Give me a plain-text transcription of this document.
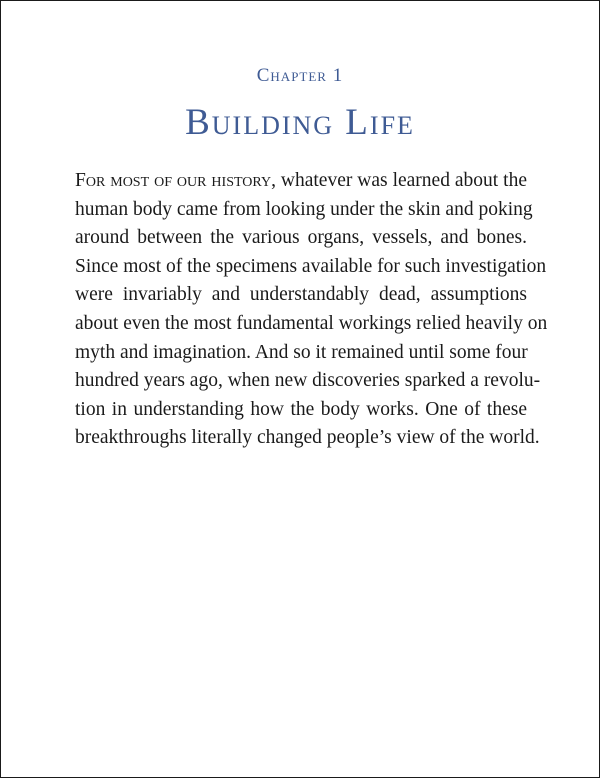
Chapter 1
Building Life
For most of our history, whatever was learned about the
human body came from looking under the skin and poking
around between the various organs, vessels, and bones.
Since most of the specimens available for such investigation
were invariably and understandably dead, assumptions
about even the most fundamental workings relied heavily on
myth and imagination. And so it remained until some four
hundred years ago, when new discoveries sparked a revolu-
tion in understanding how the body works. One of these
breakthroughs literally changed people’s view of the world.
